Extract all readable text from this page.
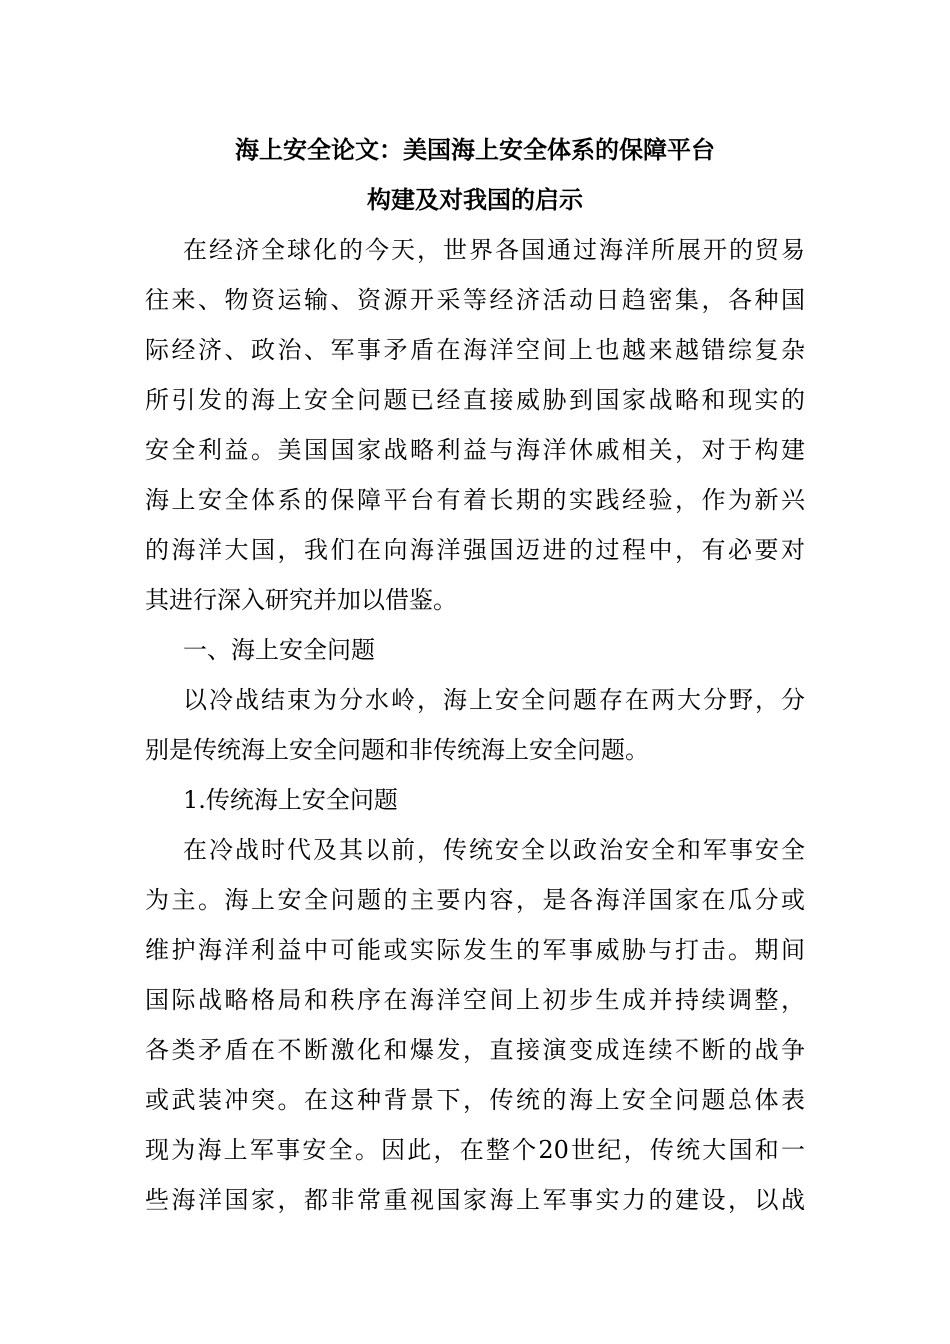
海上安全论文：美国海上安全体系的保障平台
构建及对我国的启示

在经济全球化的今天，世界各国通过海洋所展开的贸易

往来、物资运输、资源开采等经济活动日趋密集，各种国

际经济、政治、军事矛盾在海洋空间上也越来越错综复杂

所引发的海上安全问题已经直接威胁到国家战略和现实的

安全利益。美国国家战略利益与海洋休戚相关，对于构建

海上安全体系的保障平台有着长期的实践经验，作为新兴

的海洋大国，我们在向海洋强国迈进的过程中，有必要对

其进行深入研究并加以借鉴。

一、海上安全问题

以冷战结束为分水岭，海上安全问题存在两大分野，分

别是传统海上安全问题和非传统海上安全问题。

1.传统海上安全问题

在冷战时代及其以前，传统安全以政治安全和军事安全

为主。海上安全问题的主要内容，是各海洋国家在瓜分或

维护海洋利益中可能或实际发生的军事威胁与打击。期间

国际战略格局和秩序在海洋空间上初步生成并持续调整，

各类矛盾在不断激化和爆发，直接演变成连续不断的战争

或武装冲突。在这种背景下，传统的海上安全问题总体表

现为海上军事安全。因此，在整个20世纪，传统大国和一

些海洋国家，都非常重视国家海上军事实力的建设，以战
